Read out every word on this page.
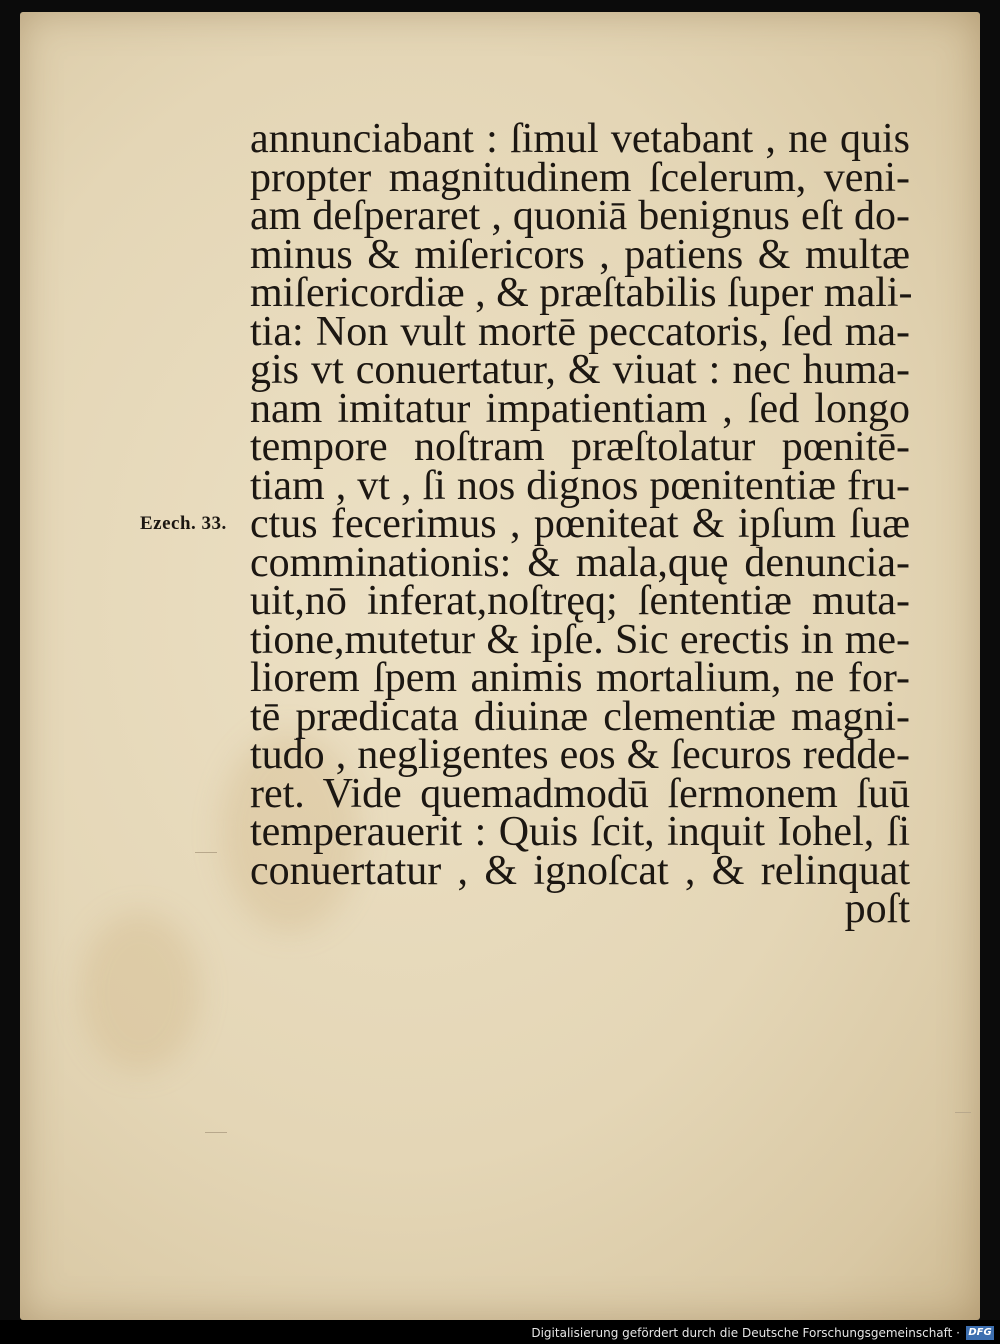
Ezech. 33.
annunciabant : ſimul vetabant , ne quis
propter magnitudinem ſcelerum, veni-
am deſperaret , quoniā benignus eſt do-
minus & miſericors , patiens & multæ
miſericordiæ , & præſtabilis ſuper mali-
tia: Non vult mortē peccatoris, ſed ma-
gis vt conuertatur, & viuat : nec huma-
nam imitatur impatientiam , ſed longo
tempore noſtram præſtolatur pœnitē-
tiam , vt , ſi nos dignos pœnitentiæ fru-
ctus fecerimus , pœniteat & ipſum ſuæ
comminationis: & mala,quę denuncia-
uit,nō inferat,noſtręq; ſententiæ muta-
tione,mutetur & ipſe. Sic erectis in me-
liorem ſpem animis mortalium, ne for-
tē prædicata diuinæ clementiæ magni-
tudo , negligentes eos & ſecuros redde-
ret. Vide quemadmodū ſermonem ſuū
temperauerit : Quis ſcit, inquit Iohel, ſi
conuertatur , & ignoſcat , & relinquat
poſt
Digitalisierung gefördert durch die Deutsche Forschungsgemeinschaft · DFG
